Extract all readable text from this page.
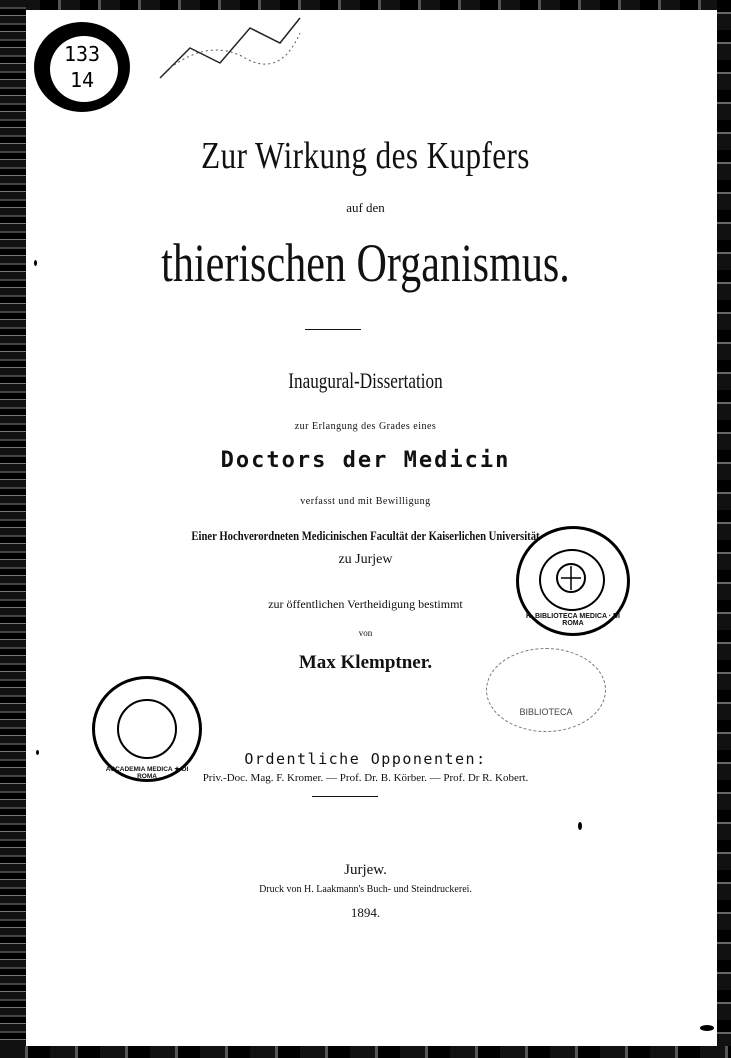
133
14
Zur Wirkung des Kupfers
auf den
thierischen Organismus.
Inaugural-Dissertation
zur Erlangung des Grades eines
Doctors der Medicin
verfasst und mit Bewilligung
Einer Hochverordneten Medicinischen Facultät der Kaiserlichen Universität
zu Jurjew
zur öffentlichen Vertheidigung bestimmt
von
Max Klemptner.
Ordentliche Opponenten:
Priv.-Doc. Mag. F. Kromer. — Prof. Dr. B. Körber. — Prof. Dr R. Kobert.
Jurjew.
Druck von H. Laakmann's Buch- und Steindruckerei.
1894.
R. BIBLIOTECA MEDICA · DI ROMA
BIBLIOTECA
ACCADEMIA MEDICA ★ DI ROMA
